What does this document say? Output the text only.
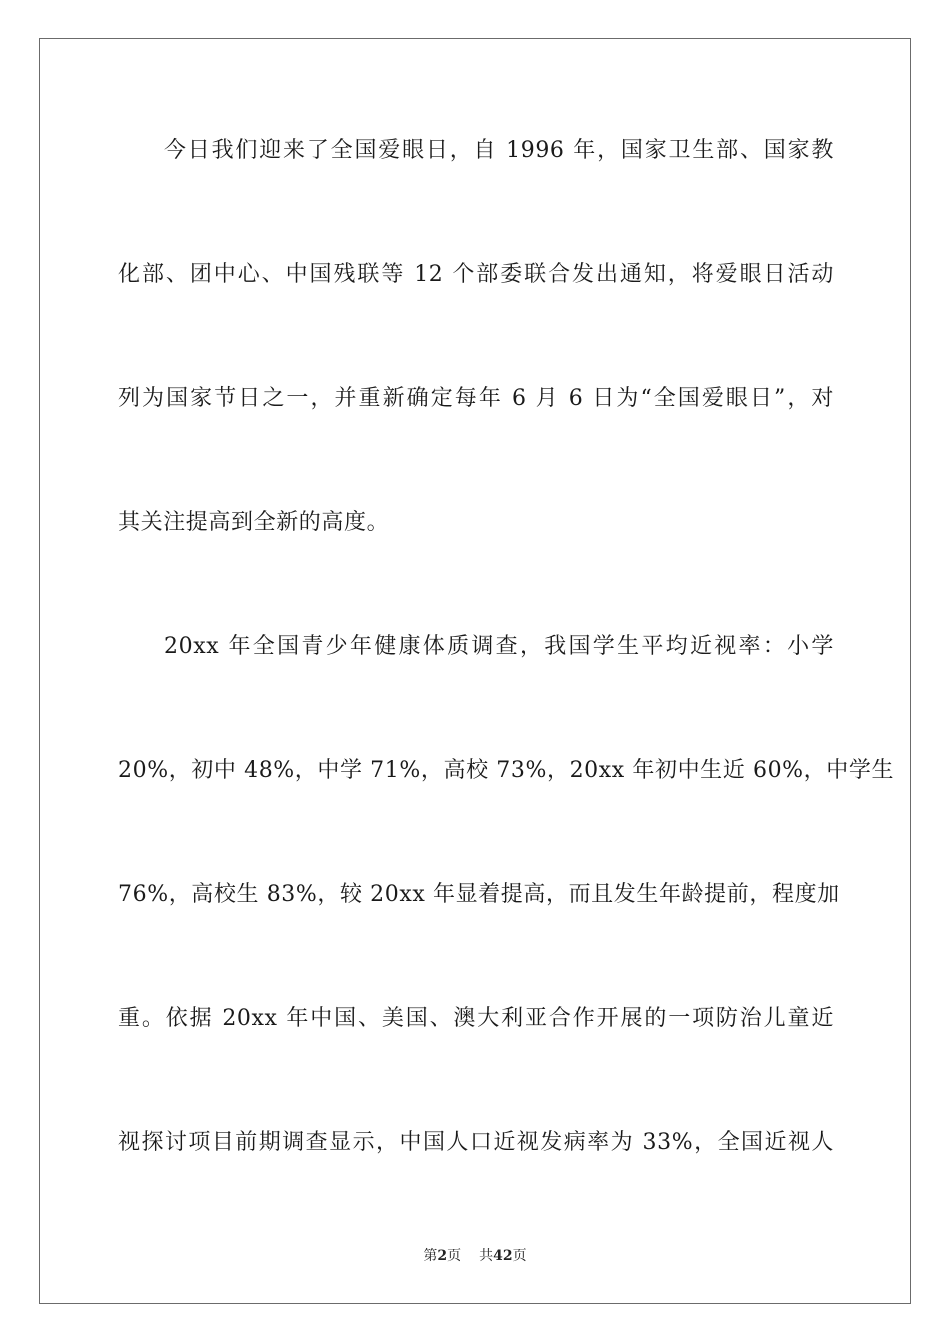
今日我们迎来了全国爱眼日，自 1996 年，国家卫生部、国家教
化部、团中心、中国残联等 12 个部委联合发出通知，将爱眼日活动
列为国家节日之一，并重新确定每年 6 月 6 日为“全国爱眼日”，对
其关注提高到全新的高度。
20xx 年全国青少年健康体质调查，我国学生平均近视率：小学
20%，初中 48%，中学 71%，高校 73%，20xx 年初中生近 60%，中学生
76%，高校生 83%，较 20xx 年显着提高，而且发生年龄提前，程度加
重。依据 20xx 年中国、美国、澳大利亚合作开展的一项防治儿童近
视探讨项目前期调查显示，中国人口近视发病率为 33%，全国近视人
第2页 共42页
